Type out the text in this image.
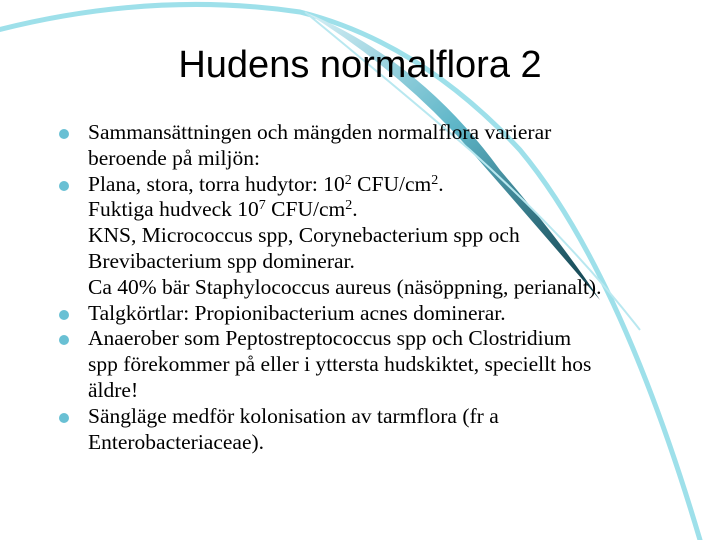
Hudens normalflora 2
Sammansättningen och mängden normalflora varierar
beroende på miljön:
Plana, stora, torra hudytor: $10^2$ CFU/$cm^2$.
Fuktiga hudveck $10^7$ CFU/$cm^2$.
KNS, Micrococcus spp, Corynebacterium spp och
Brevibacterium spp dominerar.
Ca 40% bär Staphylococcus aureus (näsöppning, perianalt).
Talgkörtlar: Propionibacterium acnes dominerar.
Anaerober som Peptostreptococcus spp och Clostridium
spp förekommer på eller i yttersta hudskiktet, speciellt hos
äldre!
Sängläge medför kolonisation av tarmflora (fr a
Enterobacteriaceae).
